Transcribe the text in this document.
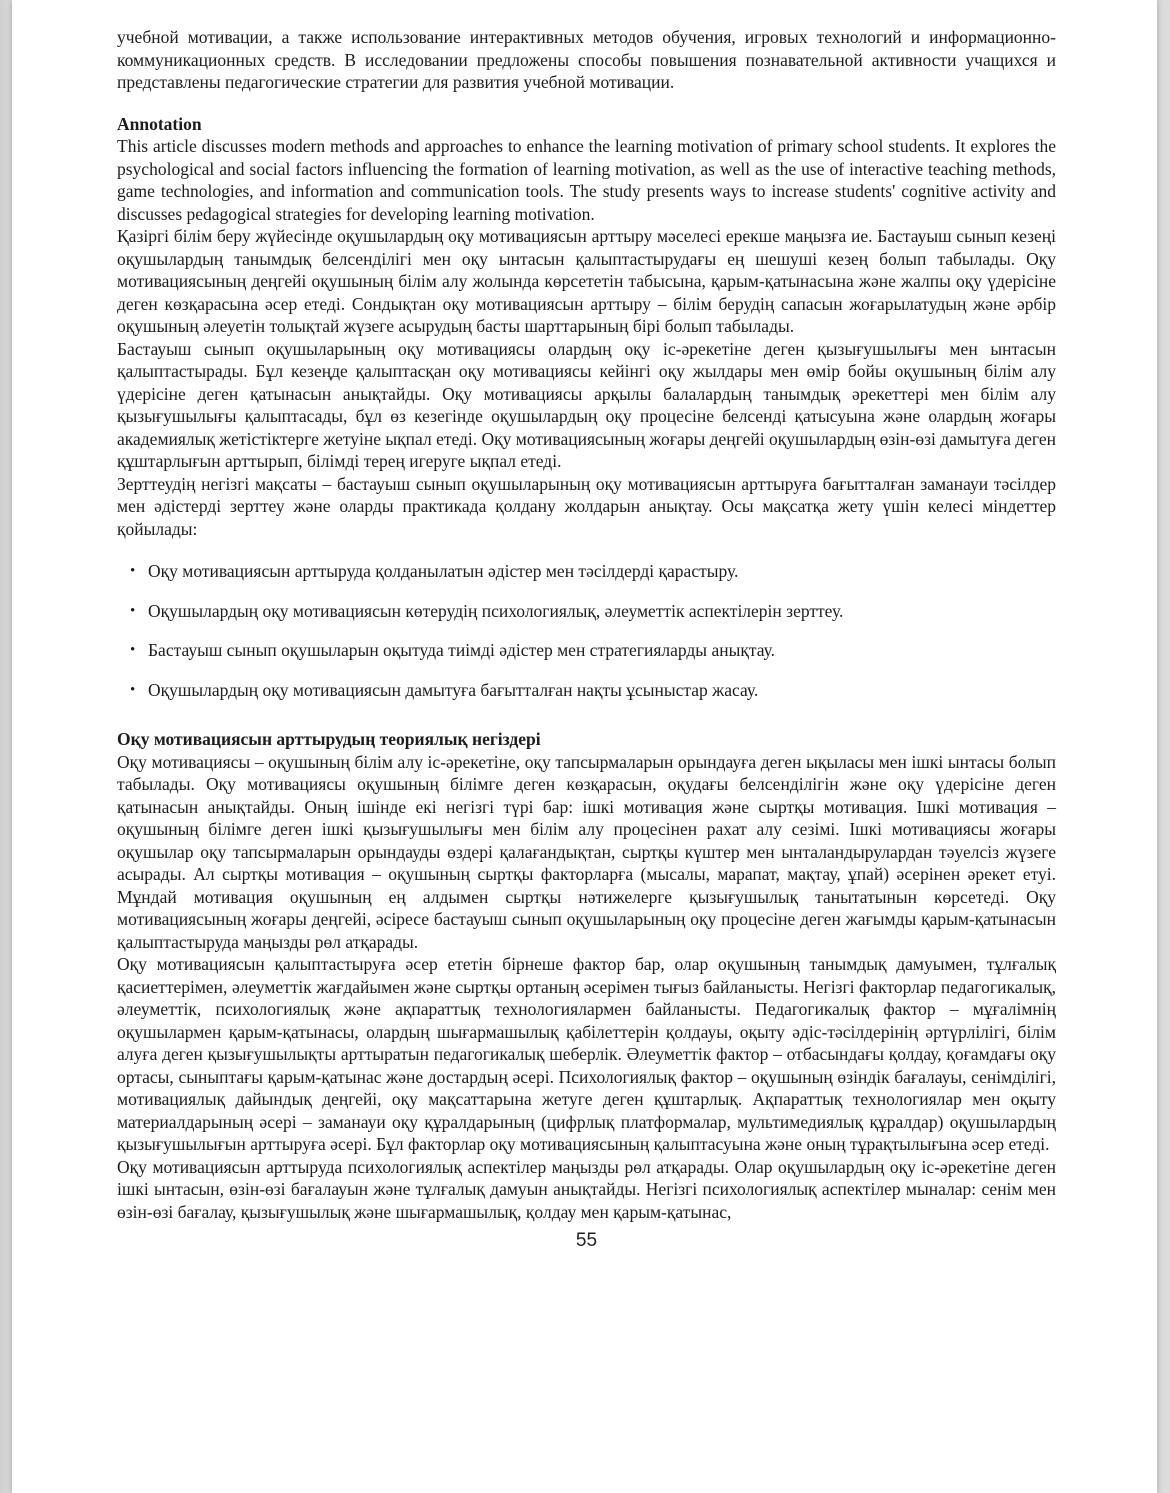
учебной мотивации, а также использование интерактивных методов обучения, игровых технологий и информационно-коммуникационных средств. В исследовании предложены способы повышения познавательной активности учащихся и представлены педагогические стратегии для развития учебной мотивации.

Annotation

This article discusses modern methods and approaches to enhance the learning motivation of primary school students. It explores the psychological and social factors influencing the formation of learning motivation, as well as the use of interactive teaching methods, game technologies, and information and communication tools. The study presents ways to increase students' cognitive activity and discusses pedagogical strategies for developing learning motivation.

Қазіргі білім беру жүйесінде оқушылардың оқу мотивациясын арттыру мәселесі ерекше маңызға ие. Бастауыш сынып кезеңі оқушылардың танымдық белсенділігі мен оқу ынтасын қалыптастырудағы ең шешуші кезең болып табылады. Оқу мотивациясының деңгейі оқушының білім алу жолында көрсететін табысына, қарым-қатынасына және жалпы оқу үдерісіне деген көзқарасына әсер етеді. Сондықтан оқу мотивациясын арттыру – білім берудің сапасын жоғарылатудың және әрбір оқушының әлеуетін толықтай жүзеге асырудың басты шарттарының бірі болып табылады.

Бастауыш сынып оқушыларының оқу мотивациясы олардың оқу іс-әрекетіне деген қызығушылығы мен ынтасын қалыптастырады. Бұл кезеңде қалыптасқан оқу мотивациясы кейінгі оқу жылдары мен өмір бойы оқушының білім алу үдерісіне деген қатынасын анықтайды. Оқу мотивациясы арқылы балалардың танымдық әрекеттері мен білім алу қызығушылығы қалыптасады, бұл өз кезегінде оқушылардың оқу процесіне белсенді қатысуына және олардың жоғары академиялық жетістіктерге жетуіне ықпал етеді. Оқу мотивациясының жоғары деңгейі оқушылардың өзін-өзі дамытуға деген құштарлығын арттырып, білімді терең игеруге ықпал етеді.

Зерттеудің негізгі мақсаты – бастауыш сынып оқушыларының оқу мотивациясын арттыруға бағытталған заманауи тәсілдер мен әдістерді зерттеу және оларды практикада қолдану жолдарын анықтау. Осы мақсатқа жету үшін келесі міндеттер қойылады:

• Оқу мотивациясын арттыруда қолданылатын әдістер мен тәсілдерді қарастыру.
• Оқушылардың оқу мотивациясын көтерудің психологиялық, әлеуметтік аспектілерін зерттеу.
• Бастауыш сынып оқушыларын оқытуда тиімді әдістер мен стратегияларды анықтау.
• Оқушылардың оқу мотивациясын дамытуға бағытталған нақты ұсыныстар жасау.
Оқу мотивациясын арттырудың теориялық негіздері

Оқу мотивациясы – оқушының білім алу іс-әрекетіне, оқу тапсырмаларын орындауға деген ықыласы мен ішкі ынтасы болып табылады. Оқу мотивациясы оқушының білімге деген көзқарасын, оқудағы белсенділігін және оқу үдерісіне деген қатынасын анықтайды. Оның ішінде екі негізгі түрі бар: ішкі мотивация және сыртқы мотивация. Ішкі мотивация – оқушының білімге деген ішкі қызығушылығы мен білім алу процесінен рахат алу сезімі. Ішкі мотивациясы жоғары оқушылар оқу тапсырмаларын орындауды өздері қалағандықтан, сыртқы күштер мен ынталандырулардан тәуелсіз жүзеге асырады. Ал сыртқы мотивация – оқушының сыртқы факторларға (мысалы, марапат, мақтау, ұпай) әсерінен әрекет етуі. Мұндай мотивация оқушының ең алдымен сыртқы нәтижелерге қызығушылық танытатынын көрсетеді. Оқу мотивациясының жоғары деңгейі, әсіресе бастауыш сынып оқушыларының оқу процесіне деген жағымды қарым-қатынасын қалыптастыруда маңызды рөл атқарады.

Оқу мотивациясын қалыптастыруға әсер ететін бірнеше фактор бар, олар оқушының танымдық дамуымен, тұлғалық қасиеттерімен, әлеуметтік жағдайымен және сыртқы ортаның әсерімен тығыз байланысты. Негізгі факторлар педагогикалық, әлеуметтік, психологиялық және ақпараттық технологиялармен байланысты. Педагогикалық фактор – мұғалімнің оқушылармен қарым-қатынасы, олардың шығармашылық қабілеттерін қолдауы, оқыту әдіс-тәсілдерінің әртүрлілігі, білім алуға деген қызығушылықты арттыратын педагогикалық шеберлік. Әлеуметтік фактор – отбасындағы қолдау, қоғамдағы оқу ортасы, сыныптағы қарым-қатынас және достардың әсері. Психологиялық фактор – оқушының өзіндік бағалауы, сенімділігі, мотивациялық дайындық деңгейі, оқу мақсаттарына жетуге деген құштарлық. Ақпараттық технологиялар мен оқыту материалдарының әсері – заманауи оқу құралдарының (цифрлық платформалар, мультимедиялық құралдар) оқушылардың қызығушылығын арттыруға әсері. Бұл факторлар оқу мотивациясының қалыптасуына және оның тұрақтылығына әсер етеді.

Оқу мотивациясын арттыруда психологиялық аспектілер маңызды рөл атқарады. Олар оқушылардың оқу іс-әрекетіне деген ішкі ынтасын, өзін-өзі бағалауын және тұлғалық дамуын анықтайды. Негізгі психологиялық аспектілер мыналар: сенім мен өзін-өзі бағалау, қызығушылық және шығармашылық, қолдау мен қарым-қатынас,

55
